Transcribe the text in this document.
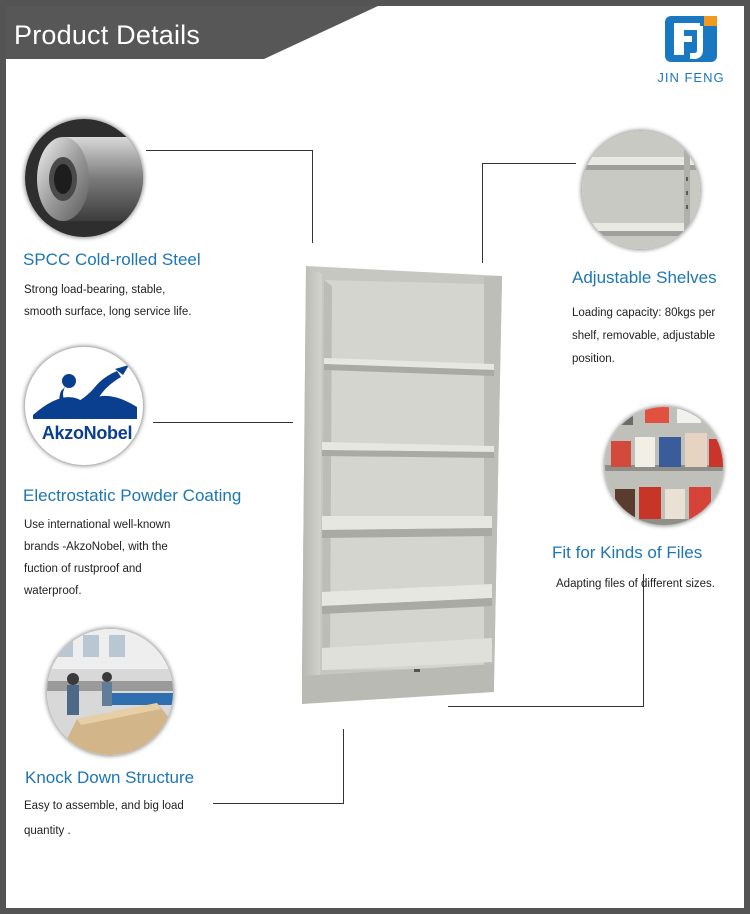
Product Details
JIN FENG
SPCC Cold-rolled Steel
Strong load-bearing, stable,
smooth surface, long service life.
AkzoNobel
Electrostatic Powder Coating
Use international well-known
brands -AkzoNobel, with the
fuction of rustproof and
waterproof.
Knock Down Structure
Easy to assemble, and big load
quantity .
Adjustable Shelves
Loading capacity: 80kgs per
shelf, removable, adjustable
position.
Fit for Kinds of Files
Adapting files of different sizes.
